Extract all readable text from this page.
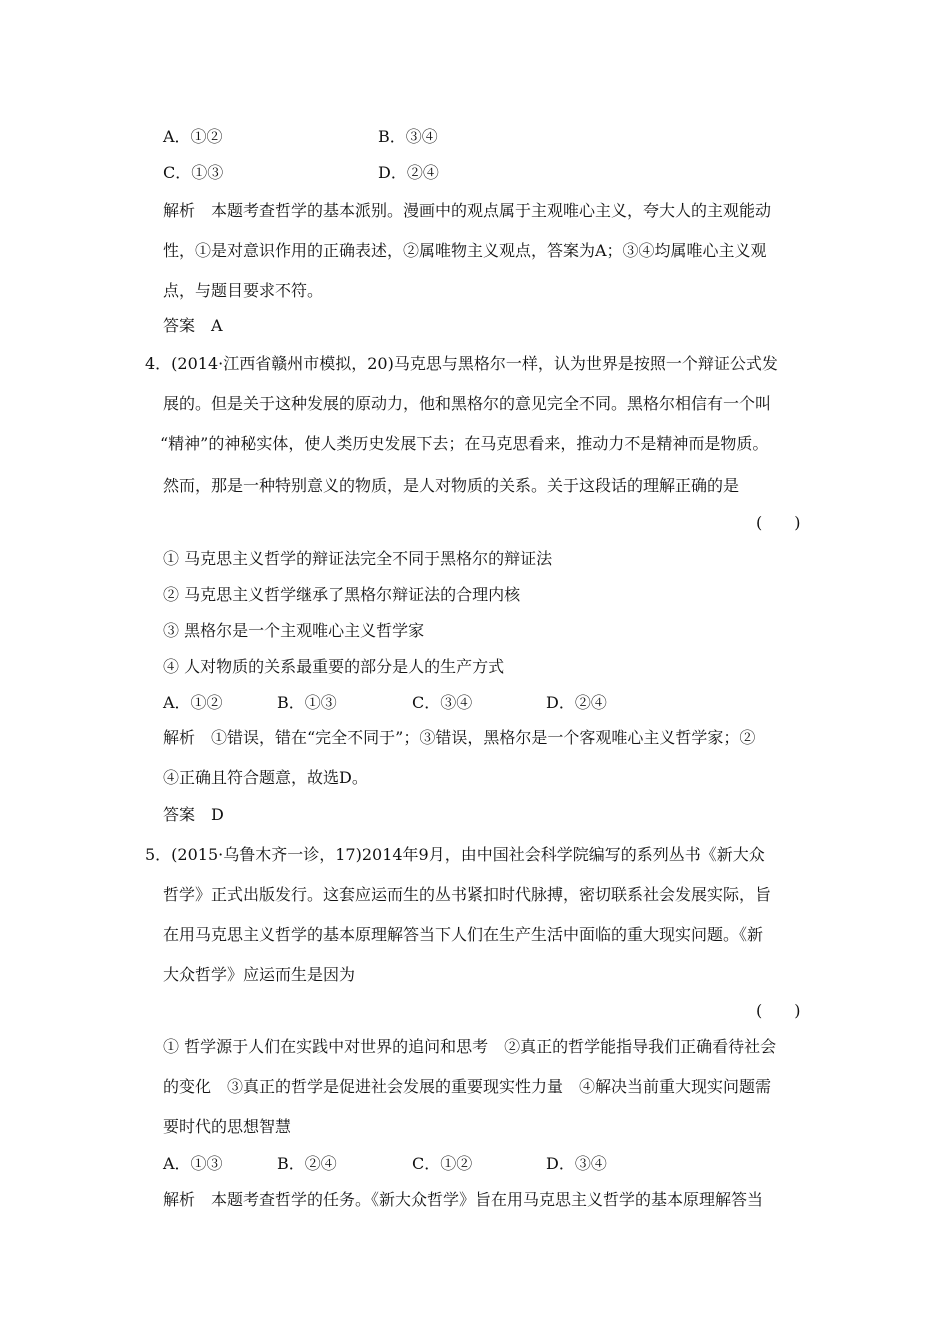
A．①②	B．③④
C．①③	D．②④
解析　本题考查哲学的基本派别。漫画中的观点属于主观唯心主义，夸大人的主观能动
性，①是对意识作用的正确表述，②属唯物主义观点，答案为A；③④均属唯心主义观
点，与题目要求不符。
答案　A
4．(2014·江西省赣州市模拟，20)马克思与黑格尔一样，认为世界是按照一个辩证公式发
展的。但是关于这种发展的原动力，他和黑格尔的意见完全不同。黑格尔相信有一个叫
“精神”的神秘实体，使人类历史发展下去；在马克思看来，推动力不是精神而是物质。
然而，那是一种特别意义的物质，是人对物质的关系。关于这段话的理解正确的是
(　　)
① 马克思主义哲学的辩证法完全不同于黑格尔的辩证法
② 马克思主义哲学继承了黑格尔辩证法的合理内核
③ 黑格尔是一个主观唯心主义哲学家
④ 人对物质的关系最重要的部分是人的生产方式
A．①②	B．①③	C．③④	D．②④
解析　①错误，错在“完全不同于”；③错误，黑格尔是一个客观唯心主义哲学家；②
④正确且符合题意，故选D。
答案　D
5．(2015·乌鲁木齐一诊，17)2014年9月，由中国社会科学院编写的系列丛书《新大众
哲学》正式出版发行。这套应运而生的丛书紧扣时代脉搏，密切联系社会发展实际，旨
在用马克思主义哲学的基本原理解答当下人们在生产生活中面临的重大现实问题。《新
大众哲学》应运而生是因为
(　　)
① 哲学源于人们在实践中对世界的追问和思考　②真正的哲学能指导我们正确看待社会
的变化　③真正的哲学是促进社会发展的重要现实性力量　④解决当前重大现实问题需
要时代的思想智慧
A．①③	B．②④	C．①②	D．③④
解析　本题考查哲学的任务。《新大众哲学》旨在用马克思主义哲学的基本原理解答当
